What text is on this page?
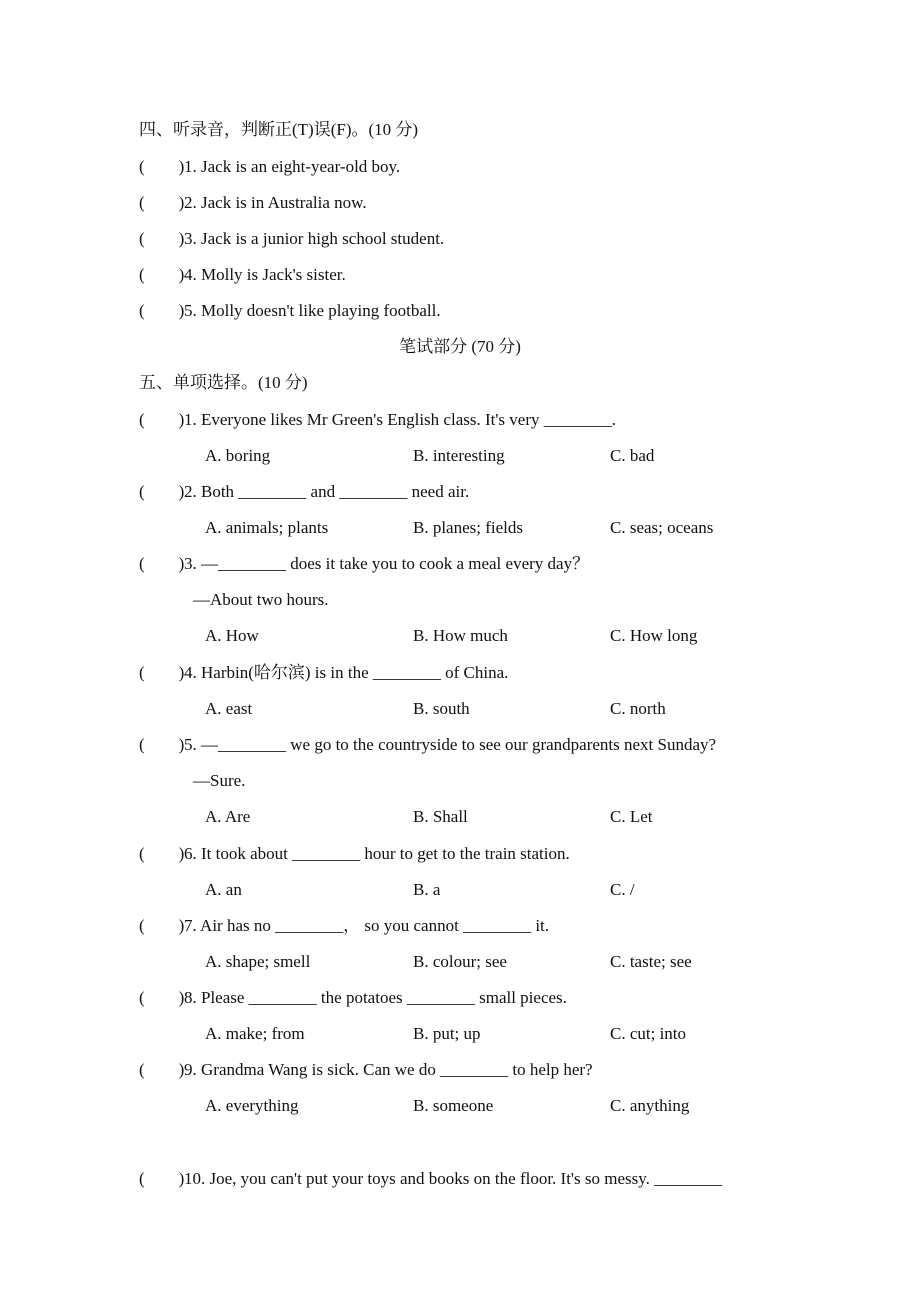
四、听录音，判断正(T)误(F)。(10 分)
(        ) 1. Jack is an eight-year-old boy.
(        ) 2. Jack is in Australia now.
(        ) 3. Jack is a junior high school student.
(        ) 4. Molly is Jack's sister.
(        ) 5. Molly doesn't like playing football.
笔试部分 (70 分)
五、单项选择。(10 分)
(        ) 1. Everyone likes Mr Green's English class. It's very ________.
A. boring	B. interesting	C. bad
(        ) 2. Both ________ and ________ need air.
A. animals; plants	B. planes; fields	C. seas; oceans
(        ) 3. —________ does it take you to cook a meal every day？
—About two hours.
A. How	B. How much	C. How long
(        ) 4. Harbin(哈尔滨) is in the ________ of China.
A. east	B. south	C. north
(        ) 5. —________ we go to the countryside to see our grandparents next Sunday?
—Sure.
A. Are	B. Shall	C. Let
(        ) 6. It took about ________ hour to get to the train station.
A. an	B. a	C. /
(        ) 7. Air has no ________， so you cannot ________ it.
A. shape; smell	B. colour; see	C. taste; see
(        ) 8. Please ________ the potatoes ________ small pieces.
A. make; from	B. put; up	C. cut; into
(        ) 9. Grandma Wang is sick. Can we do ________ to help her?
A. everything	B. someone	C. anything
(        ) 10. Joe, you can't put your toys and books on the floor. It's so messy. ________
